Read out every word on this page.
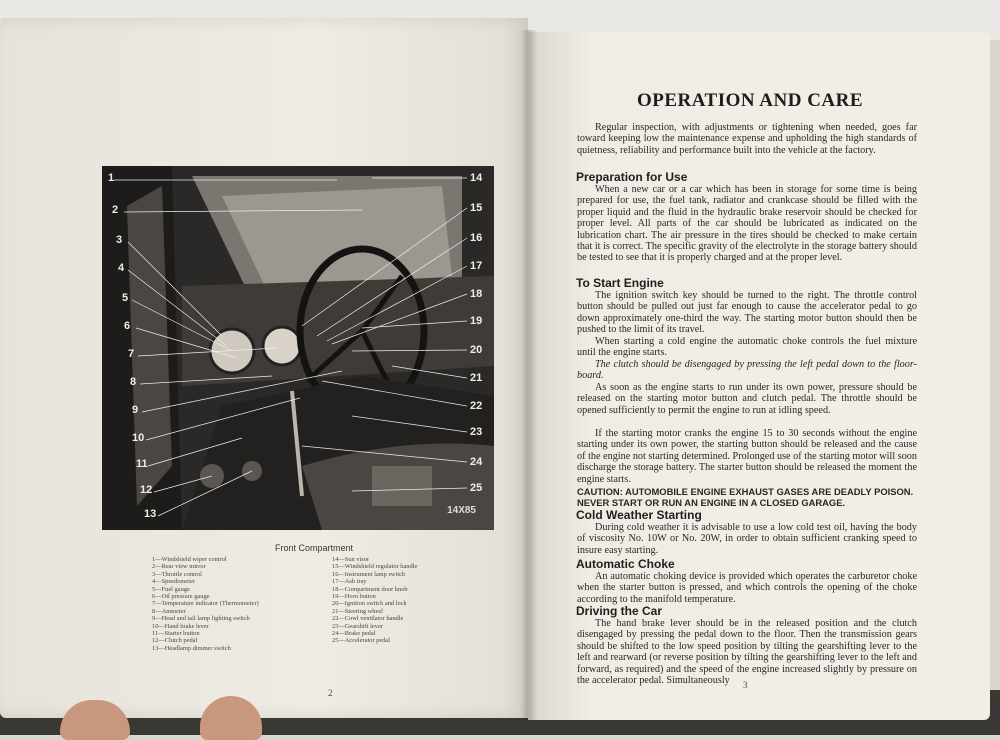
1
2
3
4
5
6
7
8
9
10
11
12
13
14
15
16
17
18
19
20
21
22
23
24
25
14X85
Front Compartment
1—Windshield wiper control
2—Rear view mirror
3—Throttle control
4—Speedometer
5—Fuel gauge
6—Oil pressure gauge
7—Temperature indicator (Thermometer)
8—Ammeter
9—Head and tail lamp lighting switch
10—Hand brake lever
11—Starter button
12—Clutch pedal
13—Headlamp dimmer switch
14—Sun visor
15—Windshield regulator handle
16—Instrument lamp switch
17—Ash tray
18—Compartment door knob
19—Horn button
20—Ignition switch and lock
21—Steering wheel
22—Cowl ventilator handle
23—Gearshift lever
24—Brake pedal
25—Accelerator pedal
2
OPERATION AND CARE
Regular inspection, with adjustments or tightening when needed, goes far toward keeping low the maintenance expense and upholding the high standards of quietness, reliability and performance built into the vehicle at the factory.
Preparation for Use
When a new car or a car which has been in storage for some time is being prepared for use, the fuel tank, radiator and crankcase should be filled with the proper liquid and the fluid in the hydraulic brake reservoir should be checked for proper level. All parts of the car should be lubricated as indicated on the lubrication chart. The air pressure in the tires should be checked to make certain that it is correct. The specific gravity of the electrolyte in the storage battery should be tested to see that it is properly charged and at the proper level.
To Start Engine
The ignition switch key should be turned to the right. The throttle control button should be pulled out just far enough to cause the accelerator pedal to go down approximately one-third the way. The starting motor button should then be pushed to the limit of its travel.
When starting a cold engine the automatic choke controls the fuel mixture until the engine starts.
The clutch should be disengaged by pressing the left pedal down to the floor-board.
As soon as the engine starts to run under its own power, pressure should be released on the starting motor button and clutch pedal. The throttle should be opened sufficiently to permit the engine to run at idling speed.
If the starting motor cranks the engine 15 to 30 seconds without the engine starting under its own power, the starting button should be released and the cause of the engine not starting determined. Prolonged use of the starting motor will soon discharge the storage battery. The starter button should be released the moment the engine starts.
CAUTION: AUTOMOBILE ENGINE EXHAUST GASES ARE DEADLY POISON. NEVER START OR RUN AN ENGINE IN A CLOSED GARAGE.
Cold Weather Starting
During cold weather it is advisable to use a low cold test oil, having the body of viscosity No. 10W or No. 20W, in order to obtain sufficient cranking speed to insure easy starting.
Automatic Choke
An automatic choking device is provided which operates the carburetor choke when the starter button is pressed, and which controls the opening of the choke according to the manifold temperature.
Driving the Car
The hand brake lever should be in the released position and the clutch disengaged by pressing the pedal down to the floor. Then the transmission gears should be shifted to the low speed position by tilting the gearshifting lever to the left and rearward (or reverse position by tilting the gearshifting lever to the left and forward, as required) and the speed of the engine increased slightly by pressure on the accelerator pedal. Simultaneously	3
